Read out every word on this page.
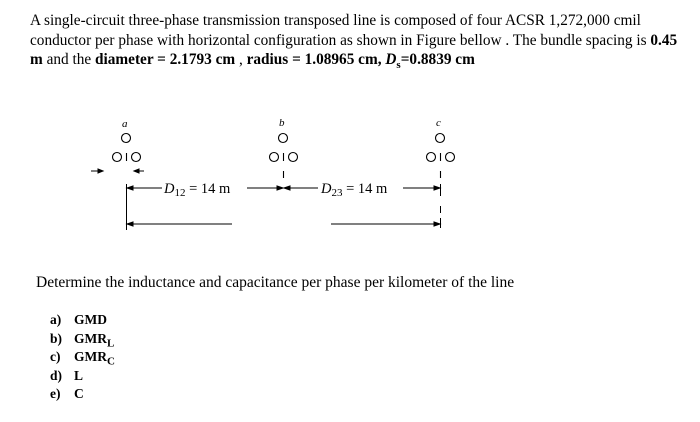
A single-circuit three-phase transmission transposed line is composed of four ACSR 1,272,000 cmil conductor per phase with horizontal configuration as shown in Figure bellow . The bundle spacing is 0.45 m and the diameter = 2.1793 cm , radius = 1.08965 cm, $D_s=0.8839$ cm

a	b	c
$D_{12} = 14$ m	$D_{23} = 14$ m
Determine the inductance and capacitance per phase per kilometer of the line
a) GMD
b) $GMR_L$
c) $GMR_C$
d) L
e) C
